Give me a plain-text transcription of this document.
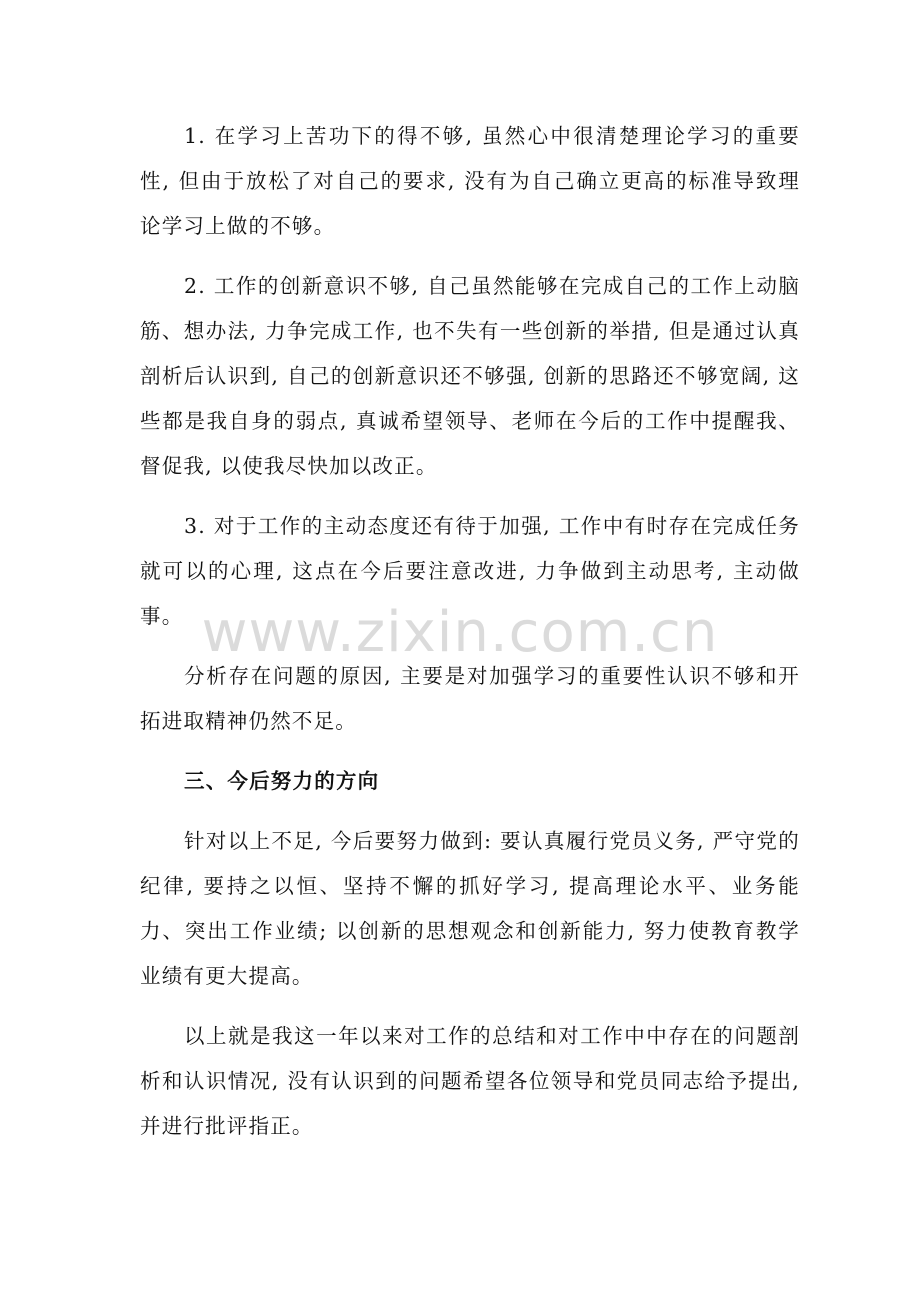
1. 在学习上苦功下的得不够, 虽然心中很清楚理论学习的重要性, 但由于放松了对自己的要求, 没有为自己确立更高的标准导致理论学习上做的不够。

2. 工作的创新意识不够, 自己虽然能够在完成自己的工作上动脑筋、想办法, 力争完成工作, 也不失有一些创新的举措, 但是通过认真剖析后认识到, 自己的创新意识还不够强, 创新的思路还不够宽阔, 这些都是我自身的弱点, 真诚希望领导、老师在今后的工作中提醒我、督促我, 以使我尽快加以改正。

3. 对于工作的主动态度还有待于加强, 工作中有时存在完成任务就可以的心理, 这点在今后要注意改进, 力争做到主动思考, 主动做事。

分析存在问题的原因, 主要是对加强学习的重要性认识不够和开拓进取精神仍然不足。

三、今后努力的方向

针对以上不足, 今后要努力做到: 要认真履行党员义务, 严守党的纪律, 要持之以恒、坚持不懈的抓好学习, 提高理论水平、业务能力、突出工作业绩; 以创新的思想观念和创新能力, 努力使教育教学业绩有更大提高。

以上就是我这一年以来对工作的总结和对工作中中存在的问题剖析和认识情况, 没有认识到的问题希望各位领导和党员同志给予提出, 并进行批评指正。

www.zixin.com.cn
